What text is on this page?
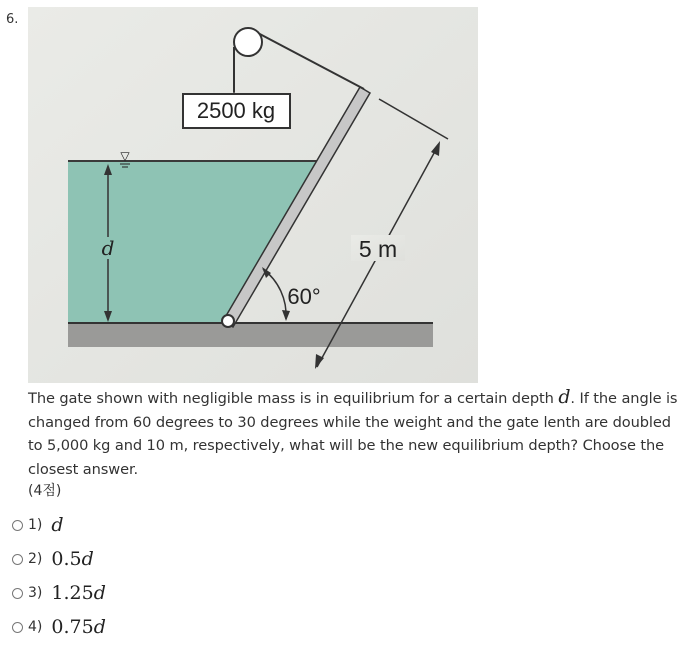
6.
2500 kg
▽
d	5 m
60°
The gate shown with negligible mass is in equilibrium for a certain depth d. If the angle is changed from 60 degrees to 30 degrees while the weight and the gate lenth are doubled to 5,000 kg and 10 m, respectively, what will be the new equilibrium depth? Choose the closest answer.
(4점)
1) d
2) 0.5d
3) 1.25d
4) 0.75d
